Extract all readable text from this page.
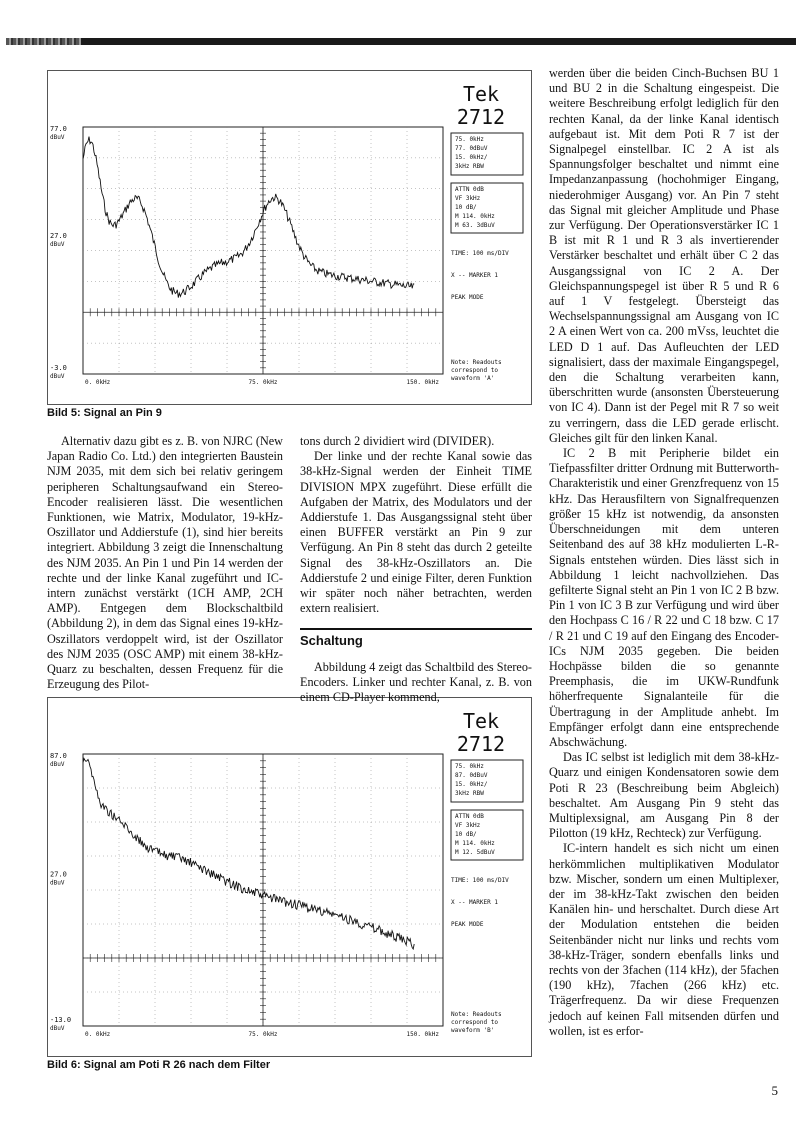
Tek
2712
77.0
dBuV
27.0
dBuV
-3.0
dBuV
0. 0kHz	75. 0kHz	150. 0kHz
75. 0kHz
77. 0dBuV
15. 0kHz/
3kHz RBW
ATTN 0dB
VF 3kHz
10 dB/
M 114. 0kHz
M 63. 3dBuV
TIME: 100 ms/DIV
X -- MARKER 1
PEAK MODE
Note: Readouts
correspond to
waveform 'A'
Bild 5: Signal an Pin 9
Tek
2712
87.0
dBuV
27.0
dBuV
-13.0
dBuV
0. 0kHz	75. 0kHz	150. 0kHz
75. 0kHz
87. 0dBuV
15. 0kHz/
3kHz RBW
ATTN 0dB
VF 3kHz
10 dB/
M 114. 0kHz
M 12. 5dBuV
TIME: 100 ms/DIV
X -- MARKER 1
PEAK MODE
Note: Readouts
correspond to
waveform 'B'
Bild 6: Signal am Poti R 26 nach dem Filter

Alternativ dazu gibt es z. B. von NJRC (New Japan Radio Co. Ltd.) den integrierten Baustein NJM 2035, mit dem sich bei relativ geringem peripheren Schaltungsaufwand ein Stereo-Encoder realisieren lässt. Die wesentlichen Funktionen, wie Matrix, Modulator, 19-kHz-Oszillator und Addierstufe (1), sind hier bereits integriert. Abbildung 3 zeigt die Innenschaltung des NJM 2035. An Pin 1 und Pin 14 werden der rechte und der linke Kanal zugeführt und IC-intern zunächst verstärkt (1CH AMP, 2CH AMP). Entgegen dem Blockschaltbild (Abbildung 2), in dem das Signal eines 19-kHz-Oszillators verdoppelt wird, ist der Oszillator des NJM 2035 (OSC AMP) mit einem 38-kHz-Quarz zu beschalten, dessen Frequenz für die Erzeugung des Pilot-

tons durch 2 dividiert wird (DIVIDER).

Der linke und der rechte Kanal sowie das 38-kHz-Signal werden der Einheit TIME DIVISION MPX zugeführt. Diese erfüllt die Aufgaben der Matrix, des Modulators und der Addierstufe 1. Das Ausgangssignal steht über einen BUFFER verstärkt an Pin 9 zur Verfügung. An Pin 8 steht das durch 2 geteilte Signal des 38-kHz-Oszillators an. Die Addierstufe 2 und einige Filter, deren Funktion wir später noch näher betrachten, werden extern realisiert.

Schaltung

Abbildung 4 zeigt das Schaltbild des Stereo-Encoders. Linker und rechter Kanal, z. B. von einem CD-Player kommend,

werden über die beiden Cinch-Buchsen BU 1 und BU 2 in die Schaltung eingespeist. Die weitere Beschreibung erfolgt lediglich für den rechten Kanal, da der linke Kanal identisch aufgebaut ist. Mit dem Poti R 7 ist der Signalpegel einstellbar. IC 2 A ist als Spannungsfolger beschaltet und nimmt eine Impedanzanpassung (hochohmiger Eingang, niederohmiger Ausgang) vor. An Pin 7 steht das Signal mit gleicher Amplitude und Phase zur Verfügung. Der Operationsverstärker IC 1 B ist mit R 1 und R 3 als invertierender Verstärker beschaltet und erhält über C 2 das Ausgangssignal von IC 2 A. Der Gleichspannungspegel ist über R 5 und R 6 auf 1 V festgelegt. Übersteigt das Wechselspannungssignal am Ausgang von IC 2 A einen Wert von ca. 200 mVss, leuchtet die LED D 1 auf. Das Aufleuchten der LED signalisiert, dass der maximale Eingangspegel, den die Schaltung verarbeiten kann, überschritten wurde (ansonsten Übersteuerung von IC 4). Dann ist der Pegel mit R 7 so weit zu verringern, dass die LED gerade erlischt. Gleiches gilt für den linken Kanal.

IC 2 B mit Peripherie bildet ein Tiefpassfilter dritter Ordnung mit Butterworth-Charakteristik und einer Grenzfrequenz von 15 kHz. Das Herausfiltern von Signalfrequenzen größer 15 kHz ist notwendig, da ansonsten Überschneidungen mit dem unteren Seitenband des auf 38 kHz modulierten L-R-Signals entstehen würden. Dies lässt sich in Abbildung 1 leicht nachvollziehen. Das gefilterte Signal steht an Pin 1 von IC 2 B bzw. Pin 1 von IC 3 B zur Verfügung und wird über den Hochpass C 16 / R 22 und C 18 bzw. C 17 / R 21 und C 19 auf den Eingang des Encoder-ICs NJM 2035 gegeben. Die beiden Hochpässe bilden die so genannte Preemphasis, die im UKW-Rundfunk höherfrequente Signalanteile für die Übertragung in der Amplitude anhebt. Im Empfänger erfolgt dann eine entsprechende Abschwächung.

Das IC selbst ist lediglich mit dem 38-kHz-Quarz und einigen Kondensatoren sowie dem Poti R 23 (Beschreibung beim Abgleich) beschaltet. Am Ausgang Pin 9 steht das Multiplexsignal, am Ausgang Pin 8 der Pilotton (19 kHz, Rechteck) zur Verfügung.

IC-intern handelt es sich nicht um einen herkömmlichen multiplikativen Modulator bzw. Mischer, sondern um einen Multiplexer, der im 38-kHz-Takt zwischen den beiden Kanälen hin- und herschaltet. Durch diese Art der Modulation entstehen die beiden Seitenbänder nicht nur links und rechts vom 38-kHz-Träger, sondern ebenfalls links und rechts von der 3fachen (114 kHz), der 5fachen (190 kHz), 7fachen (266 kHz) etc. Trägerfrequenz. Da wir diese Frequenzen jedoch auf keinen Fall mitsenden dürfen und wollen, ist es erfor-

5
